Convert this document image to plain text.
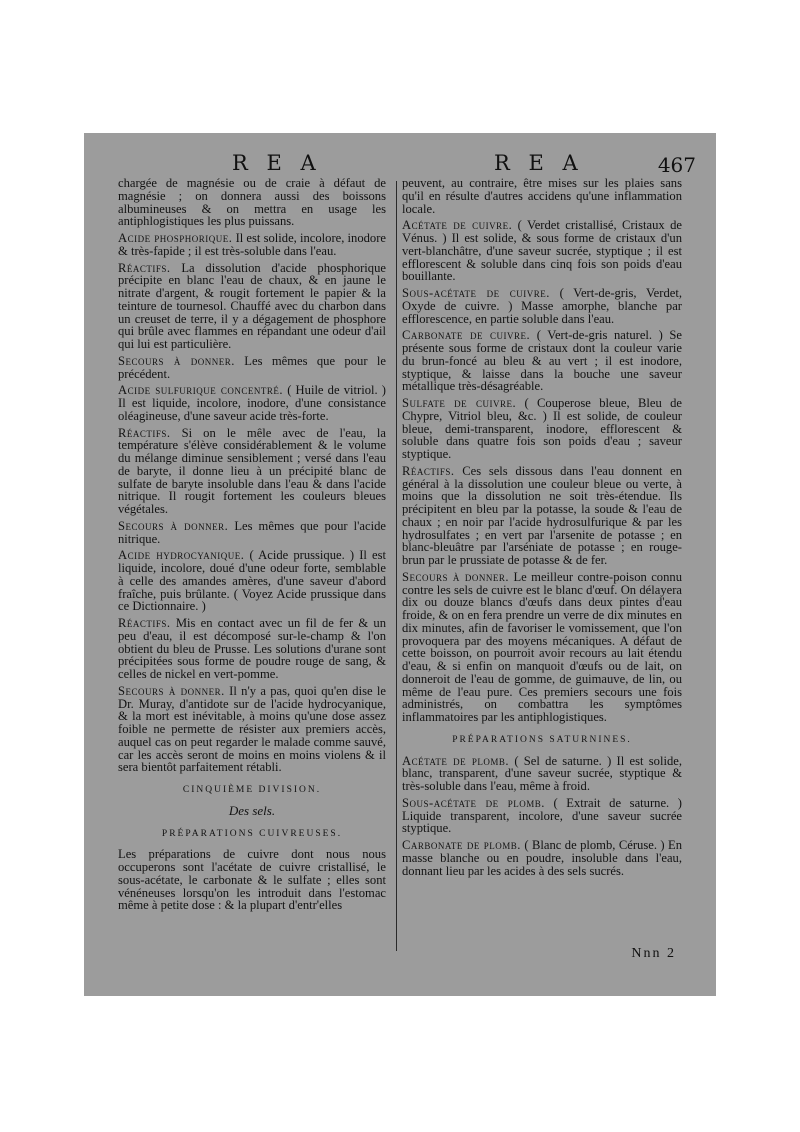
R E A	R E A	467

chargée de magnésie ou de craie à défaut de magnésie ; on donnera aussi des boissons albumineuses & on mettra en usage les antiphlogistiques les plus puissans.

Acide phosphorique. Il est solide, incolore, inodore & très-fapide ; il est très-soluble dans l'eau.

Réactifs. La dissolution d'acide phosphorique précipite en blanc l'eau de chaux, & en jaune le nitrate d'argent, & rougit fortement le papier & la teinture de tournesol. Chauffé avec du charbon dans un creuset de terre, il y a dégagement de phosphore qui brûle avec flammes en répandant une odeur d'ail qui lui est particulière.

Secours à donner. Les mêmes que pour le précédent.

Acide sulfurique concentré. ( Huile de vitriol. ) Il est liquide, incolore, inodore, d'une consistance oléagineuse, d'une saveur acide très-forte.

Réactifs. Si on le mêle avec de l'eau, la température s'élève considérablement & le volume du mélange diminue sensiblement ; versé dans l'eau de baryte, il donne lieu à un précipité blanc de sulfate de baryte insoluble dans l'eau & dans l'acide nitrique. Il rougit fortement les couleurs bleues végétales.

Secours à donner. Les mêmes que pour l'acide nitrique.

Acide hydrocyanique. ( Acide prussique. ) Il est liquide, incolore, doué d'une odeur forte, semblable à celle des amandes amères, d'une saveur d'abord fraîche, puis brûlante. ( Voyez Acide prussique dans ce Dictionnaire. )

Réactifs. Mis en contact avec un fil de fer & un peu d'eau, il est décomposé sur-le-champ & l'on obtient du bleu de Prusse. Les solutions d'urane sont précipitées sous forme de poudre rouge de sang, & celles de nickel en vert-pomme.

Secours à donner. Il n'y a pas, quoi qu'en dise le Dr. Muray, d'antidote sur de l'acide hydrocyanique, & la mort est inévitable, à moins qu'une dose assez foible ne permette de résister aux premiers accès, auquel cas on peut regarder le malade comme sauvé, car les accès seront de moins en moins violens & il sera bientôt parfaitement rétabli.

CINQUIÈME DIVISION.
Des sels.
PRÉPARATIONS CUIVREUSES.

Les préparations de cuivre dont nous nous occuperons sont l'acétate de cuivre cristallisé, le sous-acétate, le carbonate & le sulfate ; elles sont vénéneuses lorsqu'on les introduit dans l'estomac même à petite dose : & la plupart d'entr'elles

peuvent, au contraire, être mises sur les plaies sans qu'il en résulte d'autres accidens qu'une inflammation locale.

Acétate de cuivre. ( Verdet cristallisé, Cristaux de Vénus. ) Il est solide, & sous forme de cristaux d'un vert-blanchâtre, d'une saveur sucrée, styptique ; il est efflorescent & soluble dans cinq fois son poids d'eau bouillante.

Sous-acétate de cuivre. ( Vert-de-gris, Verdet, Oxyde de cuivre. ) Masse amorphe, blanche par efflorescence, en partie soluble dans l'eau.

Carbonate de cuivre. ( Vert-de-gris naturel. ) Se présente sous forme de cristaux dont la couleur varie du brun-foncé au bleu & au vert ; il est inodore, styptique, & laisse dans la bouche une saveur métallique très-désagréable.

Sulfate de cuivre. ( Couperose bleue, Bleu de Chypre, Vitriol bleu, &c. ) Il est solide, de couleur bleue, demi-transparent, inodore, efflorescent & soluble dans quatre fois son poids d'eau ; saveur styptique.

Réactifs. Ces sels dissous dans l'eau donnent en général à la dissolution une couleur bleue ou verte, à moins que la dissolution ne soit très-étendue. Ils précipitent en bleu par la potasse, la soude & l'eau de chaux ; en noir par l'acide hydrosulfurique & par les hydrosulfates ; en vert par l'arsenite de potasse ; en blanc-bleuâtre par l'arséniate de potasse ; en rouge-brun par le prussiate de potasse & de fer.

Secours à donner. Le meilleur contre-poison connu contre les sels de cuivre est le blanc d'œuf. On délayera dix ou douze blancs d'œufs dans deux pintes d'eau froide, & on en fera prendre un verre de dix minutes en dix minutes, afin de favoriser le vomissement, que l'on provoquera par des moyens mécaniques. A défaut de cette boisson, on pourroit avoir recours au lait étendu d'eau, & si enfin on manquoit d'œufs ou de lait, on donneroit de l'eau de gomme, de guimauve, de lin, ou même de l'eau pure. Ces premiers secours une fois administrés, on combattra les symptômes inflammatoires par les antiphlogistiques.

PRÉPARATIONS SATURNINES.

Acétate de plomb. ( Sel de saturne. ) Il est solide, blanc, transparent, d'une saveur sucrée, styptique & très-soluble dans l'eau, même à froid.

Sous-acétate de plomb. ( Extrait de saturne. ) Liquide transparent, incolore, d'une saveur sucrée styptique.

Carbonate de plomb. ( Blanc de plomb, Céruse. ) En masse blanche ou en poudre, insoluble dans l'eau, donnant lieu par les acides à des sels sucrés.

Nnn 2
